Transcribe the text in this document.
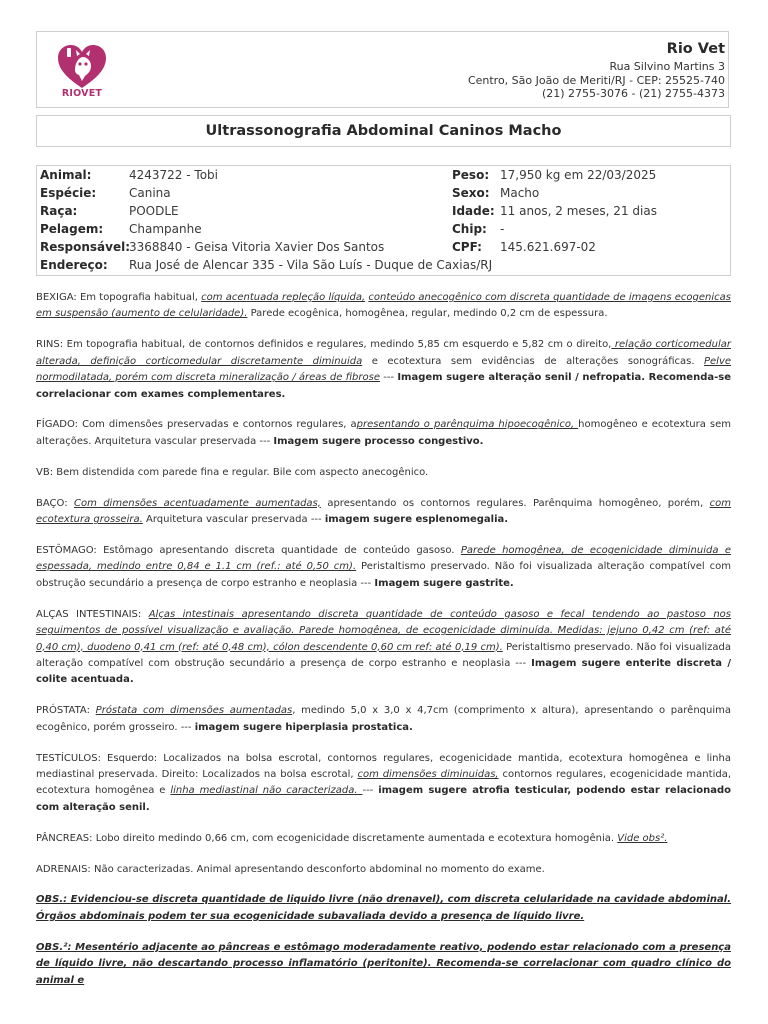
RIOVET
Rio Vet
Rua Silvino Martins 3
Centro, São João de Meriti/RJ - CEP: 25525-740
(21) 2755-3076 - (21) 2755-4373
Ultrassonografia Abdominal Caninos Macho
Animal:	4243722 - Tobi	Peso: 17,950 kg em 22/03/2025
Espécie:	Canina	Sexo: Macho
Raça:	POODLE	Idade: 11 anos, 2 meses, 21 dias
Pelagem: Champanhe	Chip: -
Responsável:
3368840 - Geisa Vitoria Xavier Dos Santos	CPF: 145.621.697-02
Endereço: Rua José de Alencar 335 - Vila São Luís - Duque de Caxias/RJ

BEXIGA: Em topografia habitual, com acentuada repleção líquida, conteúdo anecogênico com discreta quantidade de imagens ecogenicas em suspensão (aumento de celularidade). Parede ecogênica, homogênea, regular, medindo 0,2 cm de espessura.

RINS: Em topografia habitual, de contornos definidos e regulares, medindo 5,85 cm esquerdo e 5,82 cm o direito, relação corticomedular alterada, definição corticomedular discretamente diminuida e ecotextura sem evidências de alterações sonográficas. Pelve normodilatada, porém com discreta mineralização / áreas de fibrose --- Imagem sugere alteração senil / nefropatia. Recomenda-se correlacionar com exames complementares.

FÍGADO: Com dimensões preservadas e contornos regulares, apresentando o parênquima hipoecogênico, homogêneo e ecotextura sem alterações. Arquitetura vascular preservada --- Imagem sugere processo congestivo.

VB: Bem distendida com parede fina e regular. Bile com aspecto anecogênico.

BAÇO: Com dimensões acentuadamente aumentadas, apresentando os contornos regulares. Parênquima homogêneo, porém, com ecotextura grosseira. Arquitetura vascular preservada --- imagem sugere esplenomegalia.

ESTÔMAGO: Estômago apresentando discreta quantidade de conteúdo gasoso. Parede homogênea, de ecogenicidade diminuida e espessada, medindo entre 0,84 e 1.1 cm (ref.: até 0,50 cm). Peristaltismo preservado. Não foi visualizada alteração compatível com obstrução secundário a presença de corpo estranho e neoplasia --- Imagem sugere gastrite.

ALÇAS INTESTINAIS: Alças intestinais apresentando discreta quantidade de conteúdo gasoso e fecal tendendo ao pastoso nos seguimentos de possível visualização e avaliação. Parede homogênea, de ecogenicidade diminuída. Medidas: jejuno 0,42 cm (ref: até 0,40 cm), duodeno 0,41 cm (ref: até 0,48 cm), cólon descendente 0,60 cm ref: até 0,19 cm). Peristaltismo preservado. Não foi visualizada alteração compatível com obstrução secundário a presença de corpo estranho e neoplasia --- Imagem sugere enterite discreta / colite acentuada.

PRÓSTATA: Próstata com dimensões aumentadas, medindo 5,0 x 3,0 x 4,7cm (comprimento x altura), apresentando o parênquima ecogênico, porém grosseiro. --- imagem sugere hiperplasia prostatica.

TESTÍCULOS: Esquerdo: Localizados na bolsa escrotal, contornos regulares, ecogenicidade mantida, ecotextura homogênea e linha mediastinal preservada. Direito: Localizados na bolsa escrotal, com dimensões diminuidas, contornos regulares, ecogenicidade mantida, ecotextura homogênea e linha mediastinal não caracterizada. --- imagem sugere atrofia testicular, podendo estar relacionado com alteração senil.

PÂNCREAS: Lobo direito medindo 0,66 cm, com ecogenicidade discretamente aumentada e ecotextura homogênia. Vide obs².

ADRENAIS: Não caracterizadas. Animal apresentando desconforto abdominal no momento do exame.

OBS.: Evidenciou-se discreta quantidade de liquido livre (não drenavel), com discreta celularidade na cavidade abdominal. Órgãos abdominais podem ter sua ecogenicidade subavaliada devido a presença de líquido livre.

OBS.²: Mesentério adjacente ao pâncreas e estômago moderadamente reativo, podendo estar relacionado com a presença de líquido livre, não descartando processo inflamatório (peritonite). Recomenda-se correlacionar com quadro clínico do animal e
